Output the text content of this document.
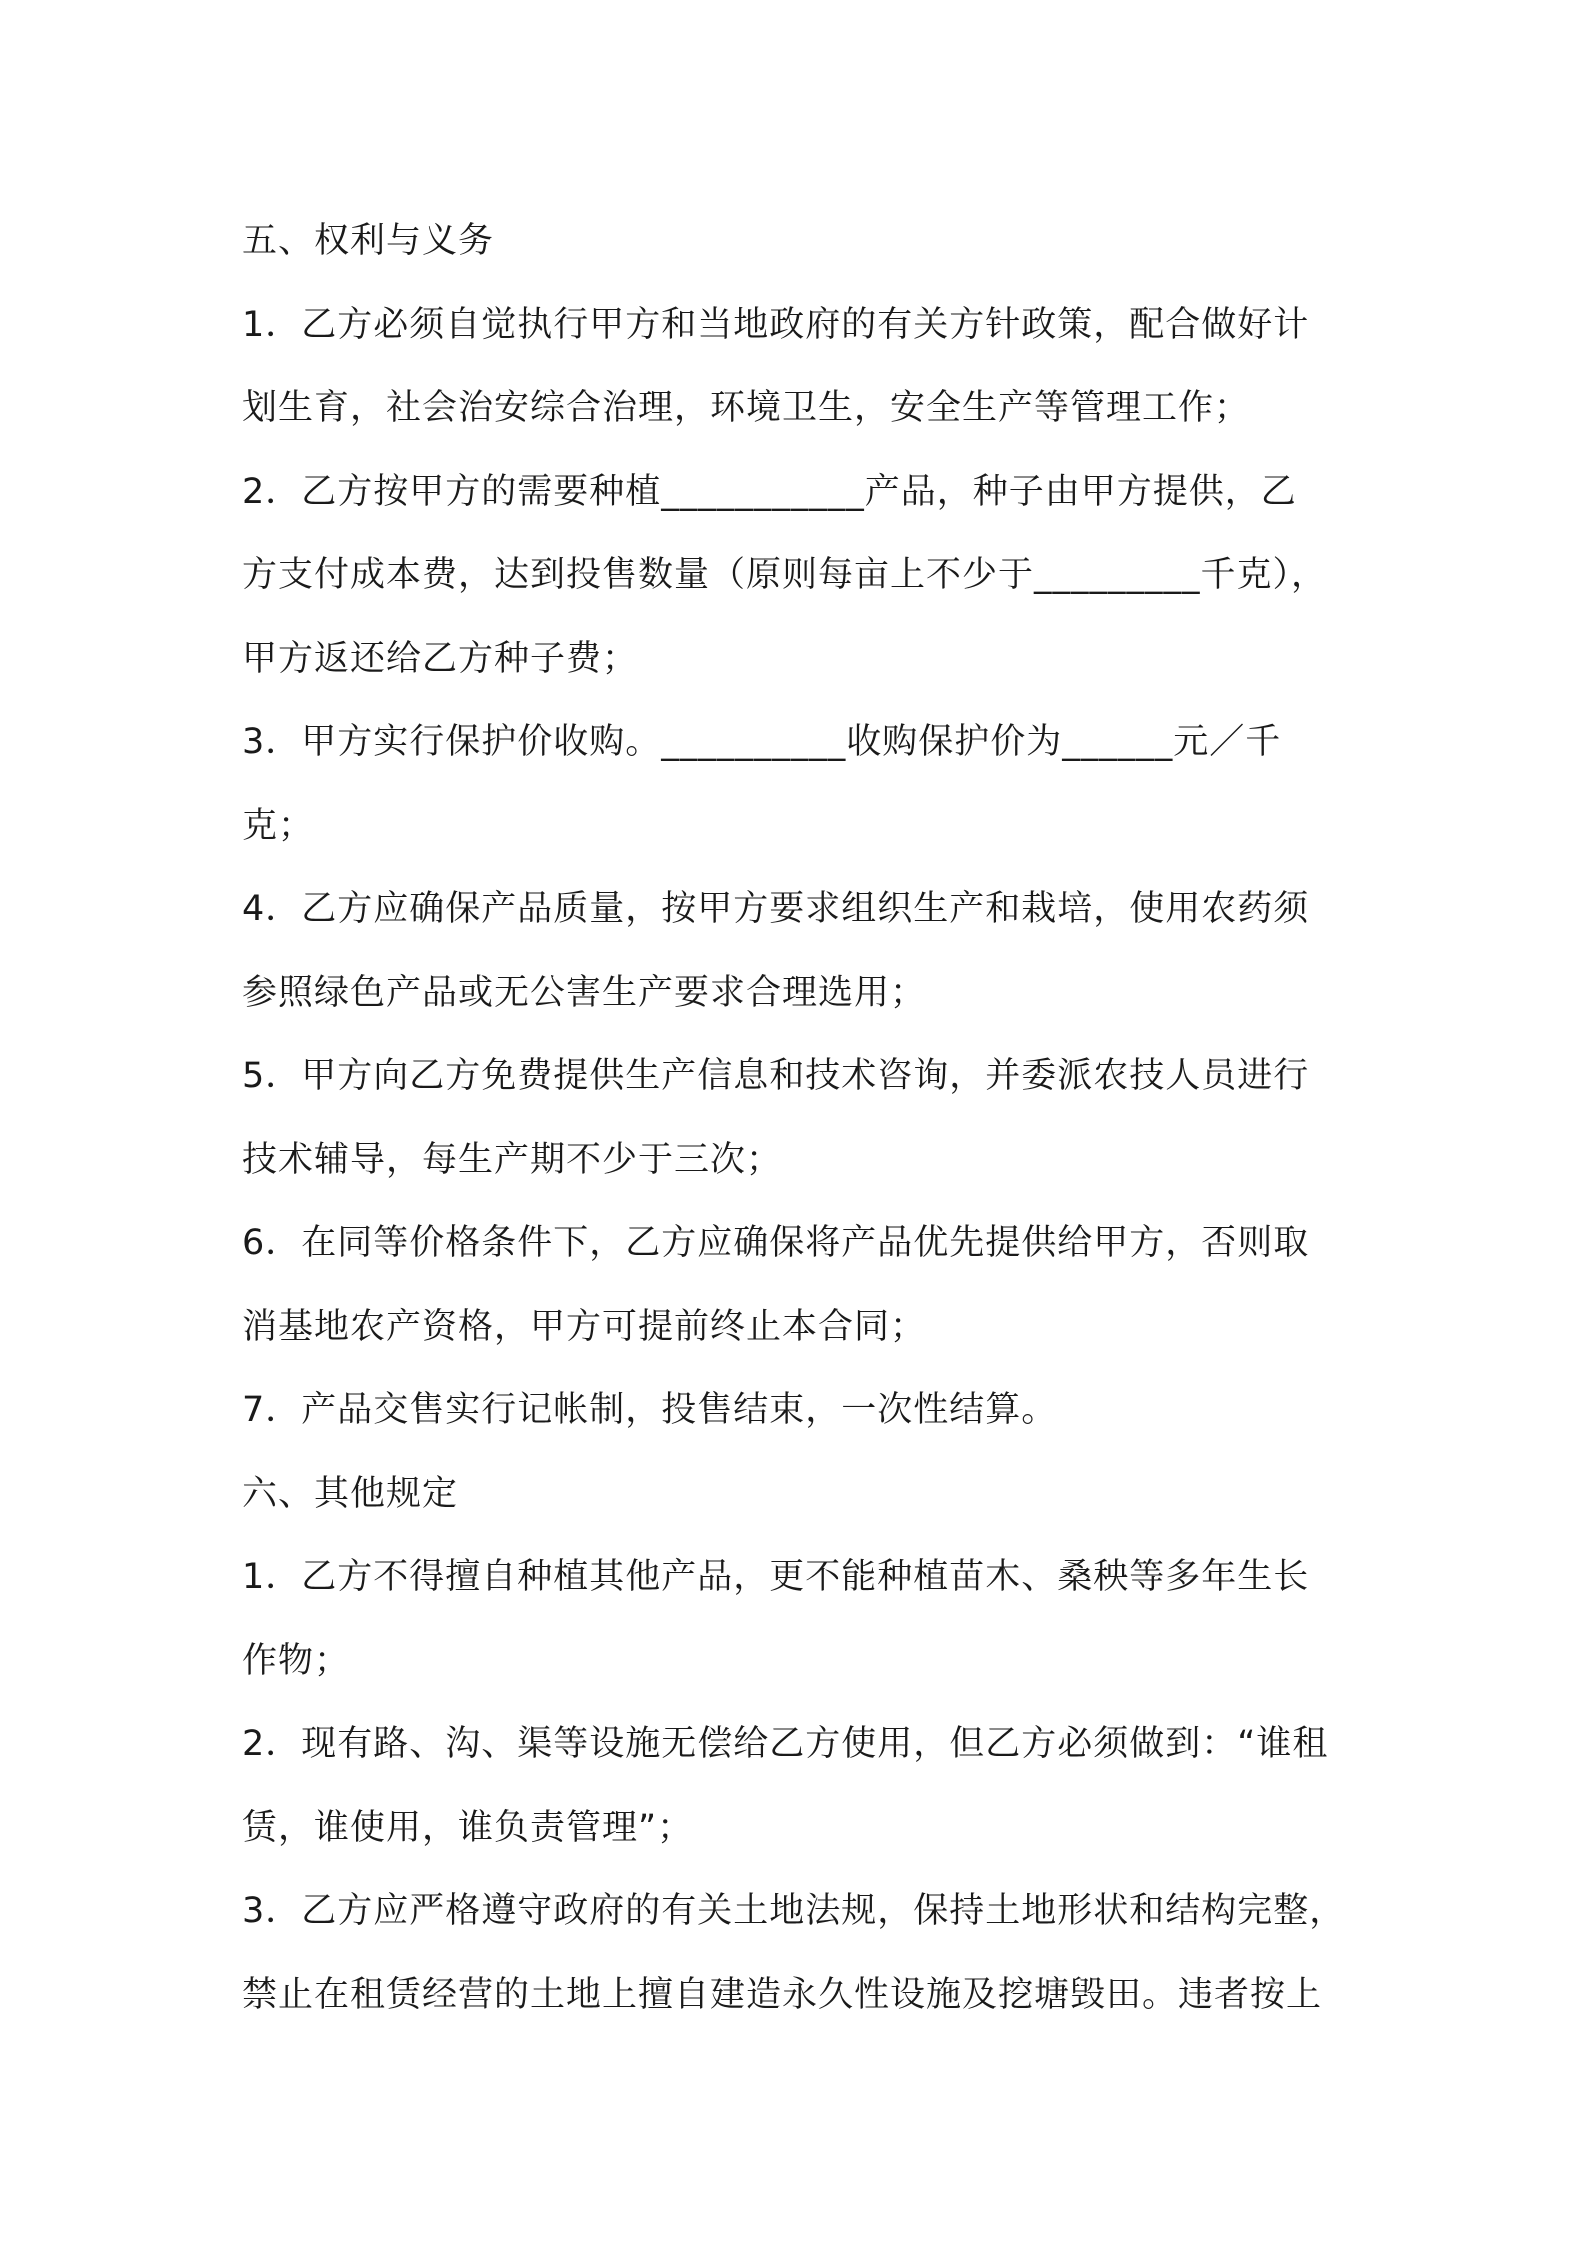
五、权利与义务
1．乙方必须自觉执行甲方和当地政府的有关方针政策，配合做好计
划生育，社会治安综合治理，环境卫生，安全生产等管理工作；
2．乙方按甲方的需要种植___________产品，种子由甲方提供，乙
方支付成本费，达到投售数量（原则每亩上不少于_________千克），
甲方返还给乙方种子费；
3．甲方实行保护价收购。__________收购保护价为______元／千
克；
4．乙方应确保产品质量，按甲方要求组织生产和栽培，使用农药须
参照绿色产品或无公害生产要求合理选用；
5．甲方向乙方免费提供生产信息和技术咨询，并委派农技人员进行
技术辅导，每生产期不少于三次；
6．在同等价格条件下，乙方应确保将产品优先提供给甲方，否则取
消基地农产资格，甲方可提前终止本合同；
7．产品交售实行记帐制，投售结束，一次性结算。
六、其他规定
1．乙方不得擅自种植其他产品，更不能种植苗木、桑秧等多年生长
作物；
2．现有路、沟、渠等设施无偿给乙方使用，但乙方必须做到：“谁租
赁，谁使用，谁负责管理”；
3．乙方应严格遵守政府的有关土地法规，保持土地形状和结构完整，
禁止在租赁经营的土地上擅自建造永久性设施及挖塘毁田。违者按上
